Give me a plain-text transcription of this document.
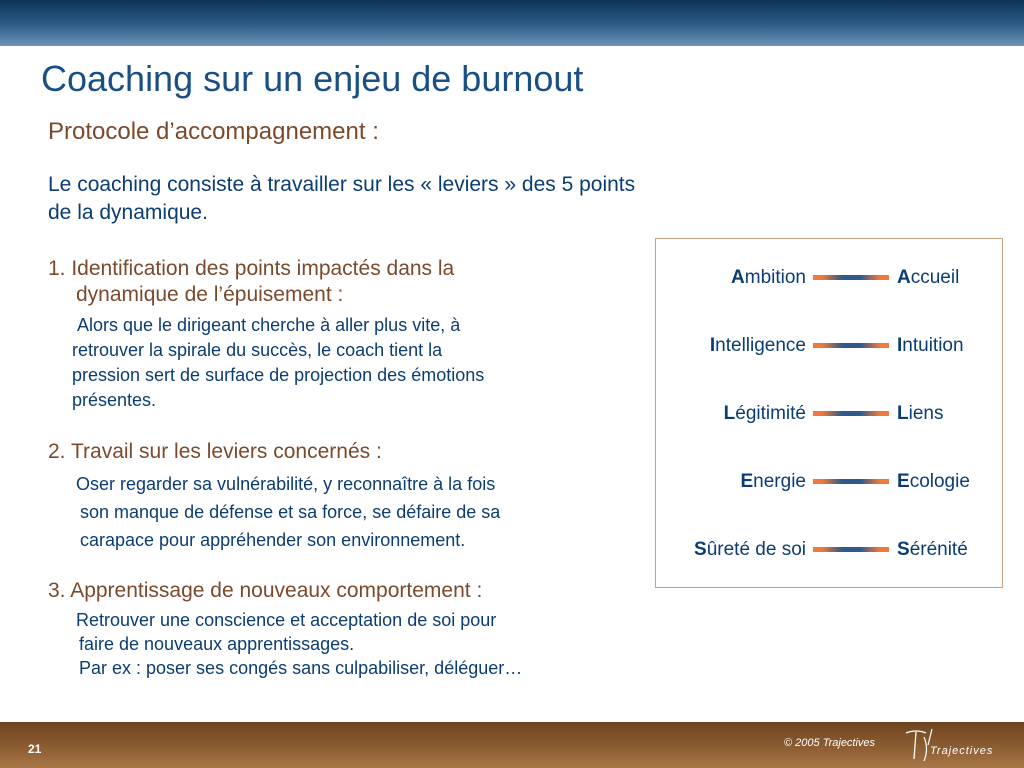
Coaching sur un enjeu de burnout
Protocole d’accompagnement :
Le coaching consiste à travailler sur les « leviers » des 5 points de la dynamique.
1. Identification des points impactés dans la
dynamique de l’épuisement :
Alors que le dirigeant cherche à aller plus vite, à
retrouver la spirale du succès, le coach tient la
pression sert de surface de projection des émotions
présentes.
2. Travail sur les leviers concernés :
Oser regarder sa vulnérabilité, y reconnaître à la fois
son manque de défense et sa force, se défaire de sa
carapace pour appréhender son environnement.
3. Apprentissage de nouveaux comportement :
Retrouver une conscience et acceptation de soi pour
faire de nouveaux apprentissages.
Par ex : poser ses congés sans culpabiliser, déléguer…
Ambition	Accueil
Intelligence	Intuition
Légitimité	Liens
Energie	Ecologie
Sûreté de soi	Sérénité
21	© 2005 Trajectives
Trajectives
